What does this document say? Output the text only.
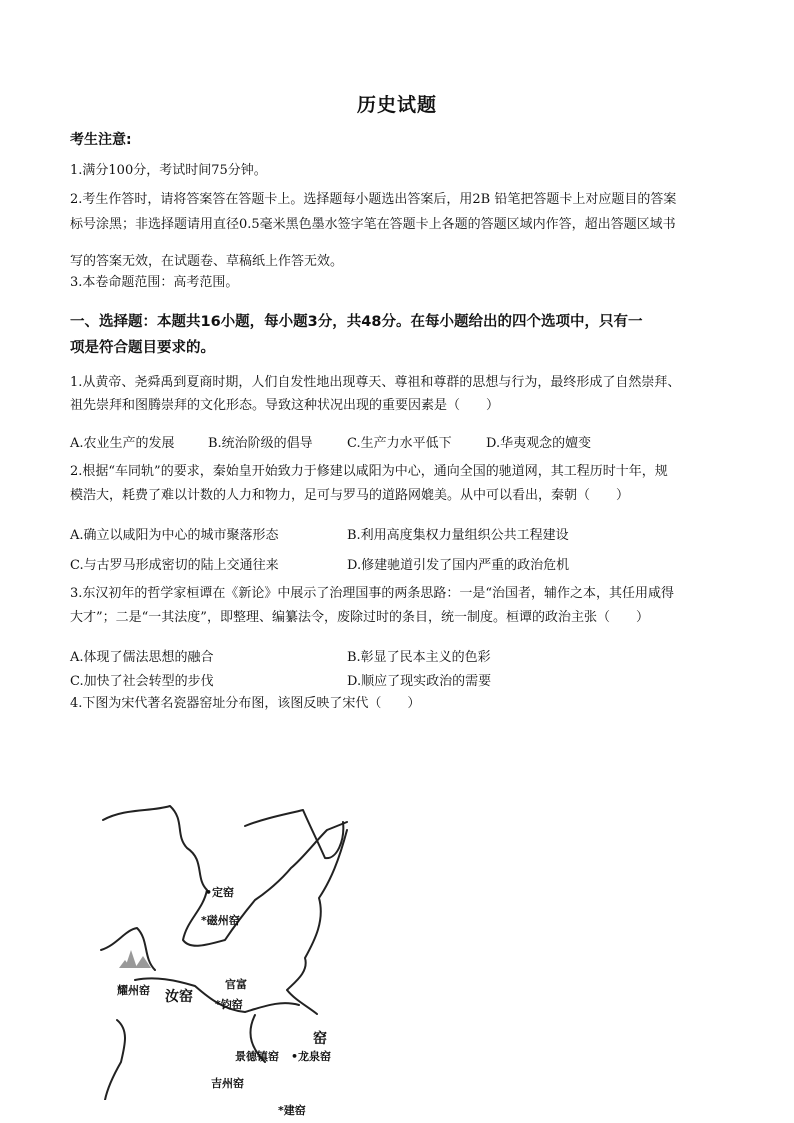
历史试题
考生注意:
1.满分100分，考试时间75分钟。
2.考生作答时，请将答案答在答题卡上。选择题每小题选出答案后，用2B 铅笔把答题卡上对应题目的答案
标号涂黑；非选择题请用直径0.5毫米黑色墨水签字笔在答题卡上各题的答题区域内作答，超出答题区域书
写的答案无效，在试题卷、草稿纸上作答无效。
3.本卷命题范围：高考范围。
一、选择题：本题共16小题，每小题3分，共48分。在每小题给出的四个选项中，只有一
项是符合题目要求的。
1.从黄帝、尧舜禹到夏商时期，人们自发性地出现尊天、尊祖和尊群的思想与行为，最终形成了自然崇拜、
祖先崇拜和图腾崇拜的文化形态。导致这种状况出现的重要因素是（　　）
A.农业生产的发展	B.统治阶级的倡导	C.生产力水平低下	D.华夷观念的嬗变
2.根据“车同轨”的要求，秦始皇开始致力于修建以咸阳为中心，通向全国的驰道网，其工程历时十年，规
模浩大，耗费了难以计数的人力和物力，足可与罗马的道路网媲美。从中可以看出，秦朝（　　）
A.确立以咸阳为中心的城市聚落形态	B.利用高度集权力量组织公共工程建设
C.与古罗马形成密切的陆上交通往来	D.修建驰道引发了国内严重的政治危机
3.东汉初年的哲学家桓谭在《新论》中展示了治理国事的两条思路：一是“治国者，辅作之本，其任用咸得
大才”；二是“一其法度”，即整理、编纂法令，废除过时的条目，统一制度。桓谭的政治主张（　　）
A.体现了儒法思想的融合	B.彰显了民本主义的色彩
C.加快了社会转型的步伐	D.顺应了现实政治的需要
4.下图为宋代著名瓷器窑址分布图，该图反映了宋代（　　）
•定窑
*磁州窑
耀州窑 汝窑
官富
*钧窑
窑
景德镇窑 •龙泉窑
吉州窑
*建窑
